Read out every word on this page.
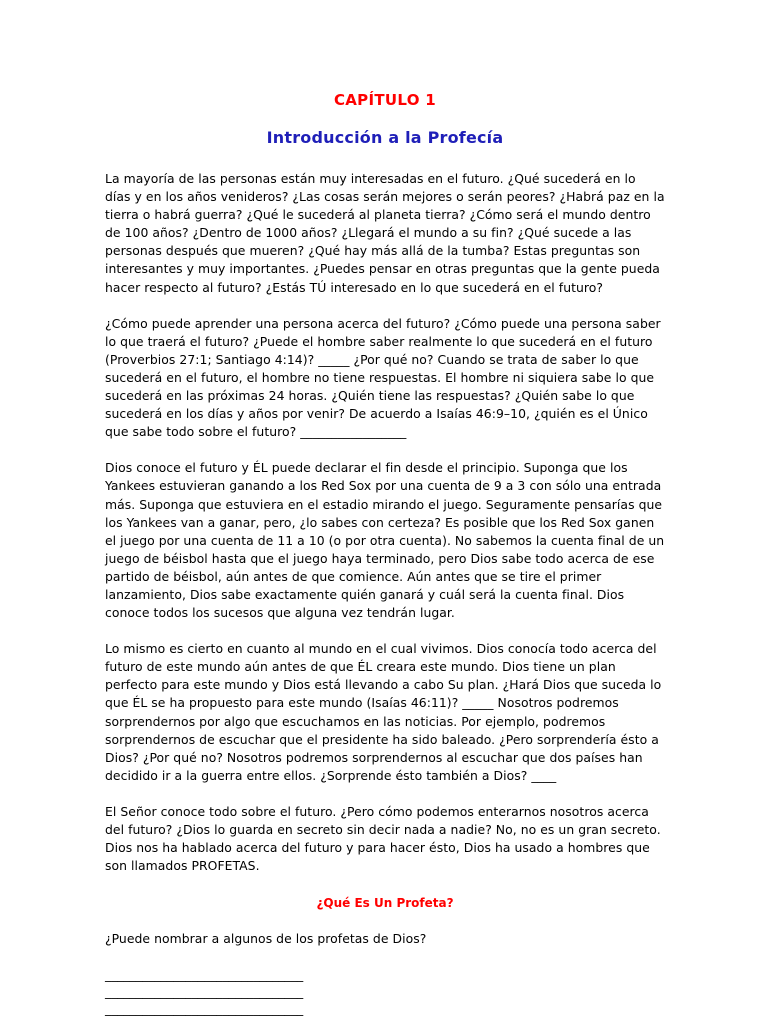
CAPÍTULO 1
Introducción a la Profecía

La mayoría de las personas están muy interesadas en el futuro. ¿Qué sucederá en lo días y en los años venideros? ¿Las cosas serán mejores o serán peores? ¿Habrá paz en la tierra o habrá guerra? ¿Qué le sucederá al planeta tierra? ¿Cómo será el mundo dentro de 100 años? ¿Dentro de 1000 años? ¿Llegará el mundo a su fin? ¿Qué sucede a las personas después que mueren? ¿Qué hay más allá de la tumba? Estas preguntas son interesantes y muy importantes. ¿Puedes pensar en otras preguntas que la gente pueda hacer respecto al futuro? ¿Estás TÚ interesado en lo que sucederá en el futuro?

¿Cómo puede aprender una persona acerca del futuro? ¿Cómo puede una persona saber lo que traerá el futuro? ¿Puede el hombre saber realmente lo que sucederá en el futuro (Proverbios 27:1; Santiago 4:14)? _____ ¿Por qué no? Cuando se trata de saber lo que sucederá en el futuro, el hombre no tiene respuestas. El hombre ni siquiera sabe lo que sucederá en las próximas 24 horas. ¿Quién tiene las respuestas? ¿Quién sabe lo que sucederá en los días y años por venir? De acuerdo a Isaías 46:9–10, ¿quién es el Único que sabe todo sobre el futuro? _________________

Dios conoce el futuro y ÉL puede declarar el fin desde el principio. Suponga que los Yankees estuvieran ganando a los Red Sox por una cuenta de 9 a 3 con sólo una entrada más. Suponga que estuviera en el estadio mirando el juego. Seguramente pensarías que los Yankees van a ganar, pero, ¿lo sabes con certeza? Es posible que los Red Sox ganen el juego por una cuenta de 11 a 10 (o por otra cuenta). No sabemos la cuenta final de un juego de béisbol hasta que el juego haya terminado, pero Dios sabe todo acerca de ese partido de béisbol, aún antes de que comience. Aún antes que se tire el primer lanzamiento, Dios sabe exactamente quién ganará y cuál será la cuenta final. Dios conoce todos los sucesos que alguna vez tendrán lugar.

Lo mismo es cierto en cuanto al mundo en el cual vivimos. Dios conocía todo acerca del futuro de este mundo aún antes de que ÉL creara este mundo. Dios tiene un plan perfecto para este mundo y Dios está llevando a cabo Su plan. ¿Hará Dios que suceda lo que ÉL se ha propuesto para este mundo (Isaías 46:11)? _____ Nosotros podremos sorprendernos por algo que escuchamos en las noticias. Por ejemplo, podremos sorprendernos de escuchar que el presidente ha sido baleado. ¿Pero sorprendería ésto a Dios? ¿Por qué no? Nosotros podremos sorprendernos al escuchar que dos países han decidido ir a la guerra entre ellos. ¿Sorprende ésto también a Dios? ____

El Señor conoce todo sobre el futuro. ¿Pero cómo podemos enterarnos nosotros acerca del futuro? ¿Dios lo guarda en secreto sin decir nada a nadie? No, no es un gran secreto. Dios nos ha hablado acerca del futuro y para hacer ésto, Dios ha usado a hombres que son llamados PROFETAS.

¿Qué Es Un Profeta?

¿Puede nombrar a algunos de los profetas de Dios?

________________________________

________________________________

________________________________
